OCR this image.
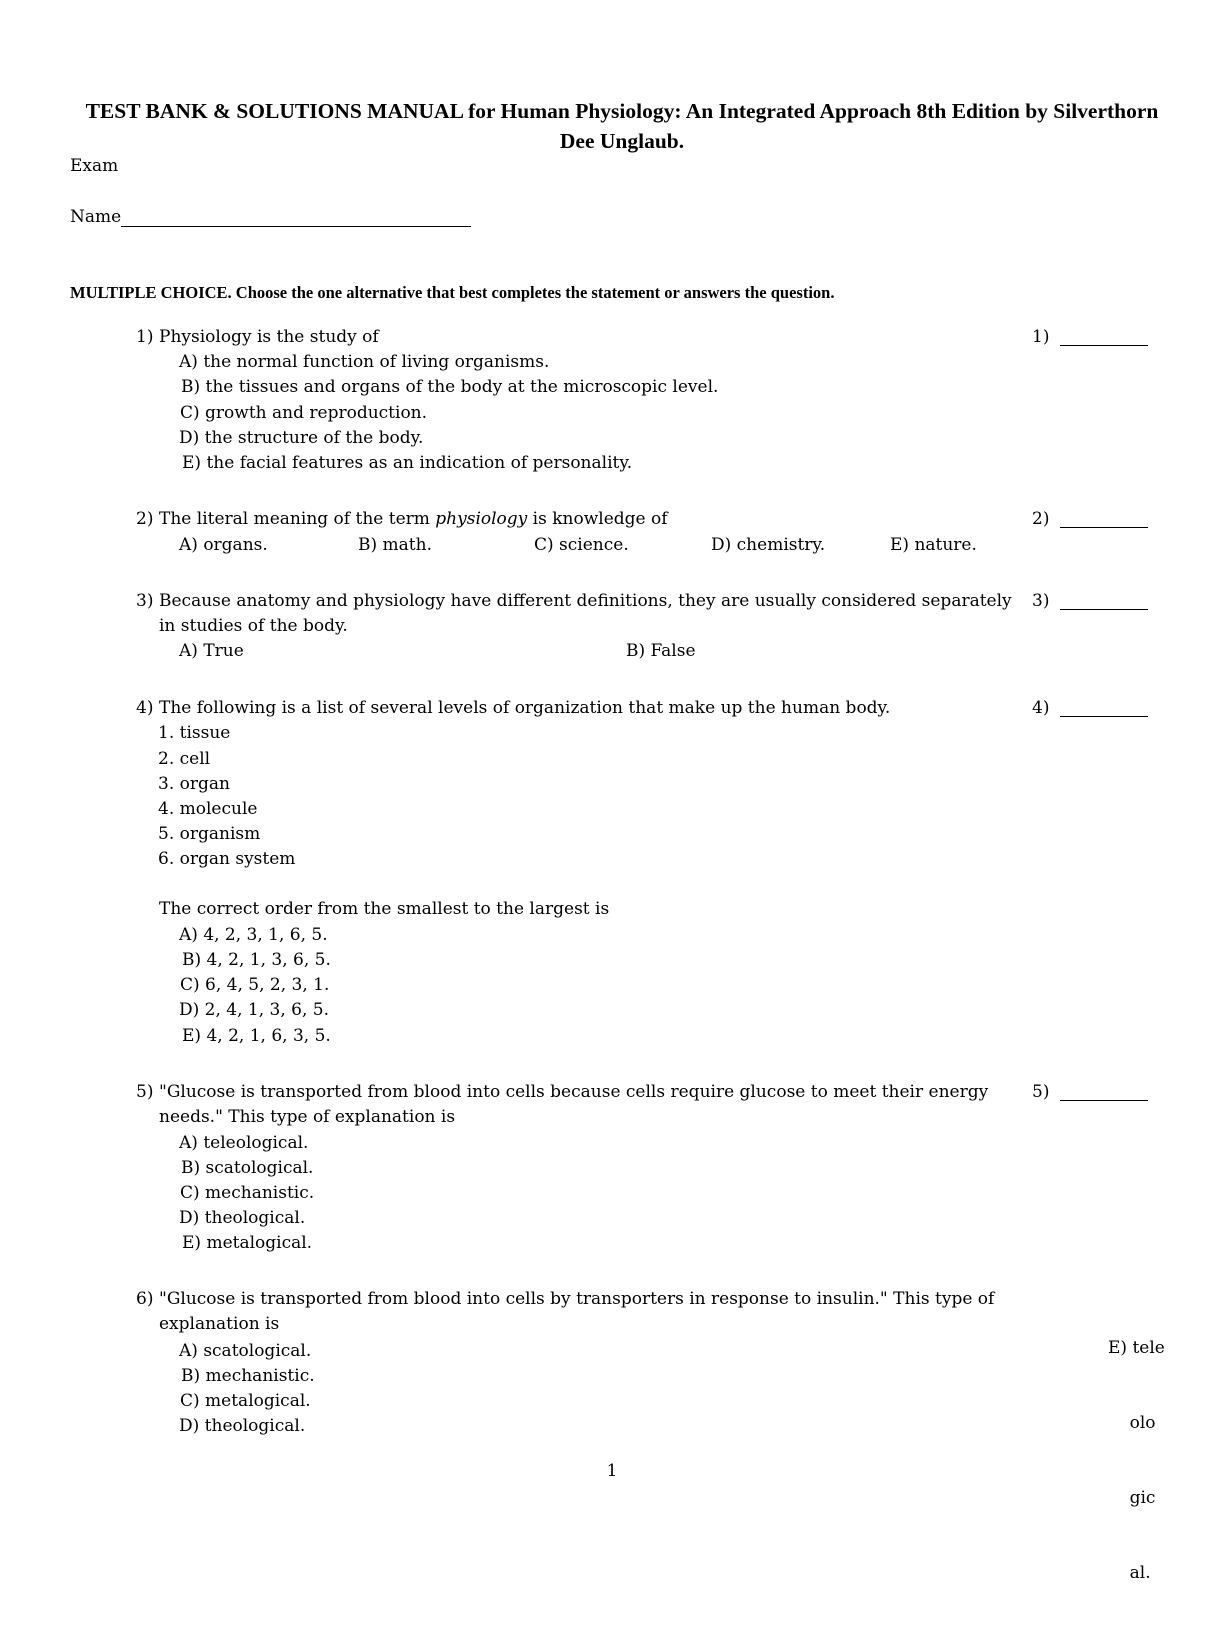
TEST BANK & SOLUTIONS MANUAL for Human Physiology: An Integrated Approach 8th Edition by Silverthorn Dee Unglaub.
Exam
Name
MULTIPLE CHOICE. Choose the one alternative that best completes the statement or answers the question.
1) Physiology is the study of
A) the normal function of living organisms.
B) the tissues and organs of the body at the microscopic level.
C) growth and reproduction.
D) the structure of the body.
E) the facial features as an indication of personality.
1)
2) The literal meaning of the term physiology is knowledge of
A) organs.	B) math.	C) science.	D) chemistry.	E) nature.
2)
3) Because anatomy and physiology have different definitions, they are usually considered separately
in studies of the body.
A) True	B) False
3)
4) The following is a list of several levels of organization that make up the human body.
1. tissue
2. cell
3. organ
4. molecule
5. organism
6. organ system
The correct order from the smallest to the largest is
A) 4, 2, 3, 1, 6, 5.
B) 4, 2, 1, 3, 6, 5.
C) 6, 4, 5, 2, 3, 1.
D) 2, 4, 1, 3, 6, 5.
E) 4, 2, 1, 6, 3, 5.
4)
5) "Glucose is transported from blood into cells because cells require glucose to meet their energy
needs." This type of explanation is
A) teleological.
B) scatological.
C) mechanistic.
D) theological.
E) metalogical.
5)
6) "Glucose is transported from blood into cells by transporters in response to insulin." This type of
explanation is
A) scatological.
B) mechanistic.
C) metalogical.
D) theological.

E) tele

olo

gic

al.

1
